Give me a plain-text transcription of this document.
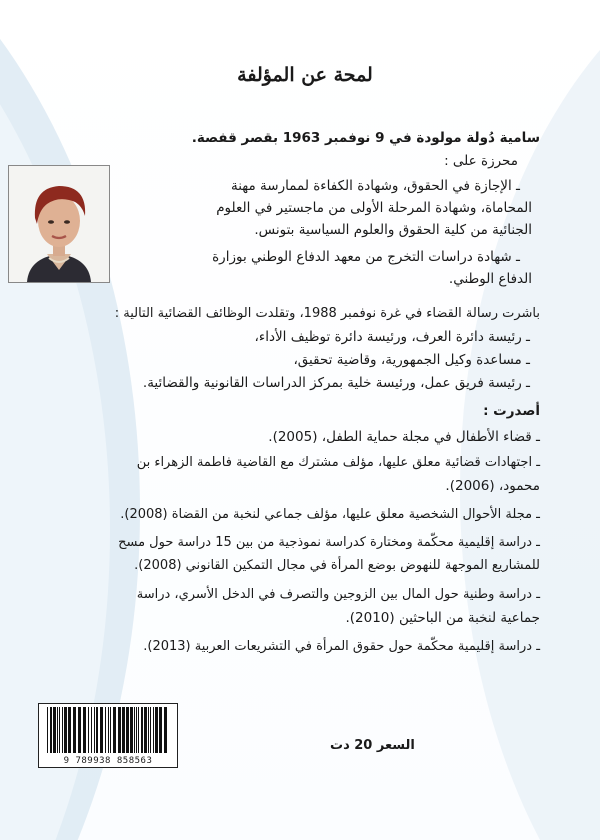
لمحة عن المؤلفة
سامية دُولة مولودة في 9 نوفمبر 1963 بقصر قفصة.
محرزة على :
ـ الإجازة في الحقوق، وشهادة الكفاءة لممارسة مهنة
المحاماة، وشهادة المرحلة الأولى من ماجستير في العلوم
الجنائية من كلية الحقوق والعلوم السياسية بتونس.
ـ شهادة دراسات التخرج من معهد الدفاع الوطني بوزارة
الدفاع الوطني.
باشرت رسالة القضاء في غرة نوفمبر 1988، وتقلدت الوظائف القضائية التالية :
ـ رئيسة دائرة العرف، ورئيسة دائرة توظيف الأداء،
ـ مساعدة وكيل الجمهورية، وقاضية تحقيق،
ـ رئيسة فريق عمل، ورئيسة خلية بمركز الدراسات القانونية والقضائية.
أصدرت :
ـ قضاء الأطفال في مجلة حماية الطفل، (2005).
ـ اجتهادات قضائية معلق عليها، مؤلف مشترك مع القاضية فاطمة الزهراء بن
محمود، (2006).
ـ مجلة الأحوال الشخصية معلق عليها، مؤلف جماعي لنخبة من القضاة (2008).
ـ دراسة إقليمية محكّمة ومختارة كدراسة نموذجية من بين 15 دراسة حول مسح
للمشاريع الموجهة للنهوض بوضع المرأة في مجال التمكين القانوني (2008).
ـ دراسة وطنية حول المال بين الزوجين والتصرف في الدخل الأسري، دراسة
جماعية لنخبة من الباحثين (2010).
ـ دراسة إقليمية محكّمة حول حقوق المرأة في التشريعات العربية (2013).
9 789938 858563
السعر 20 دت
